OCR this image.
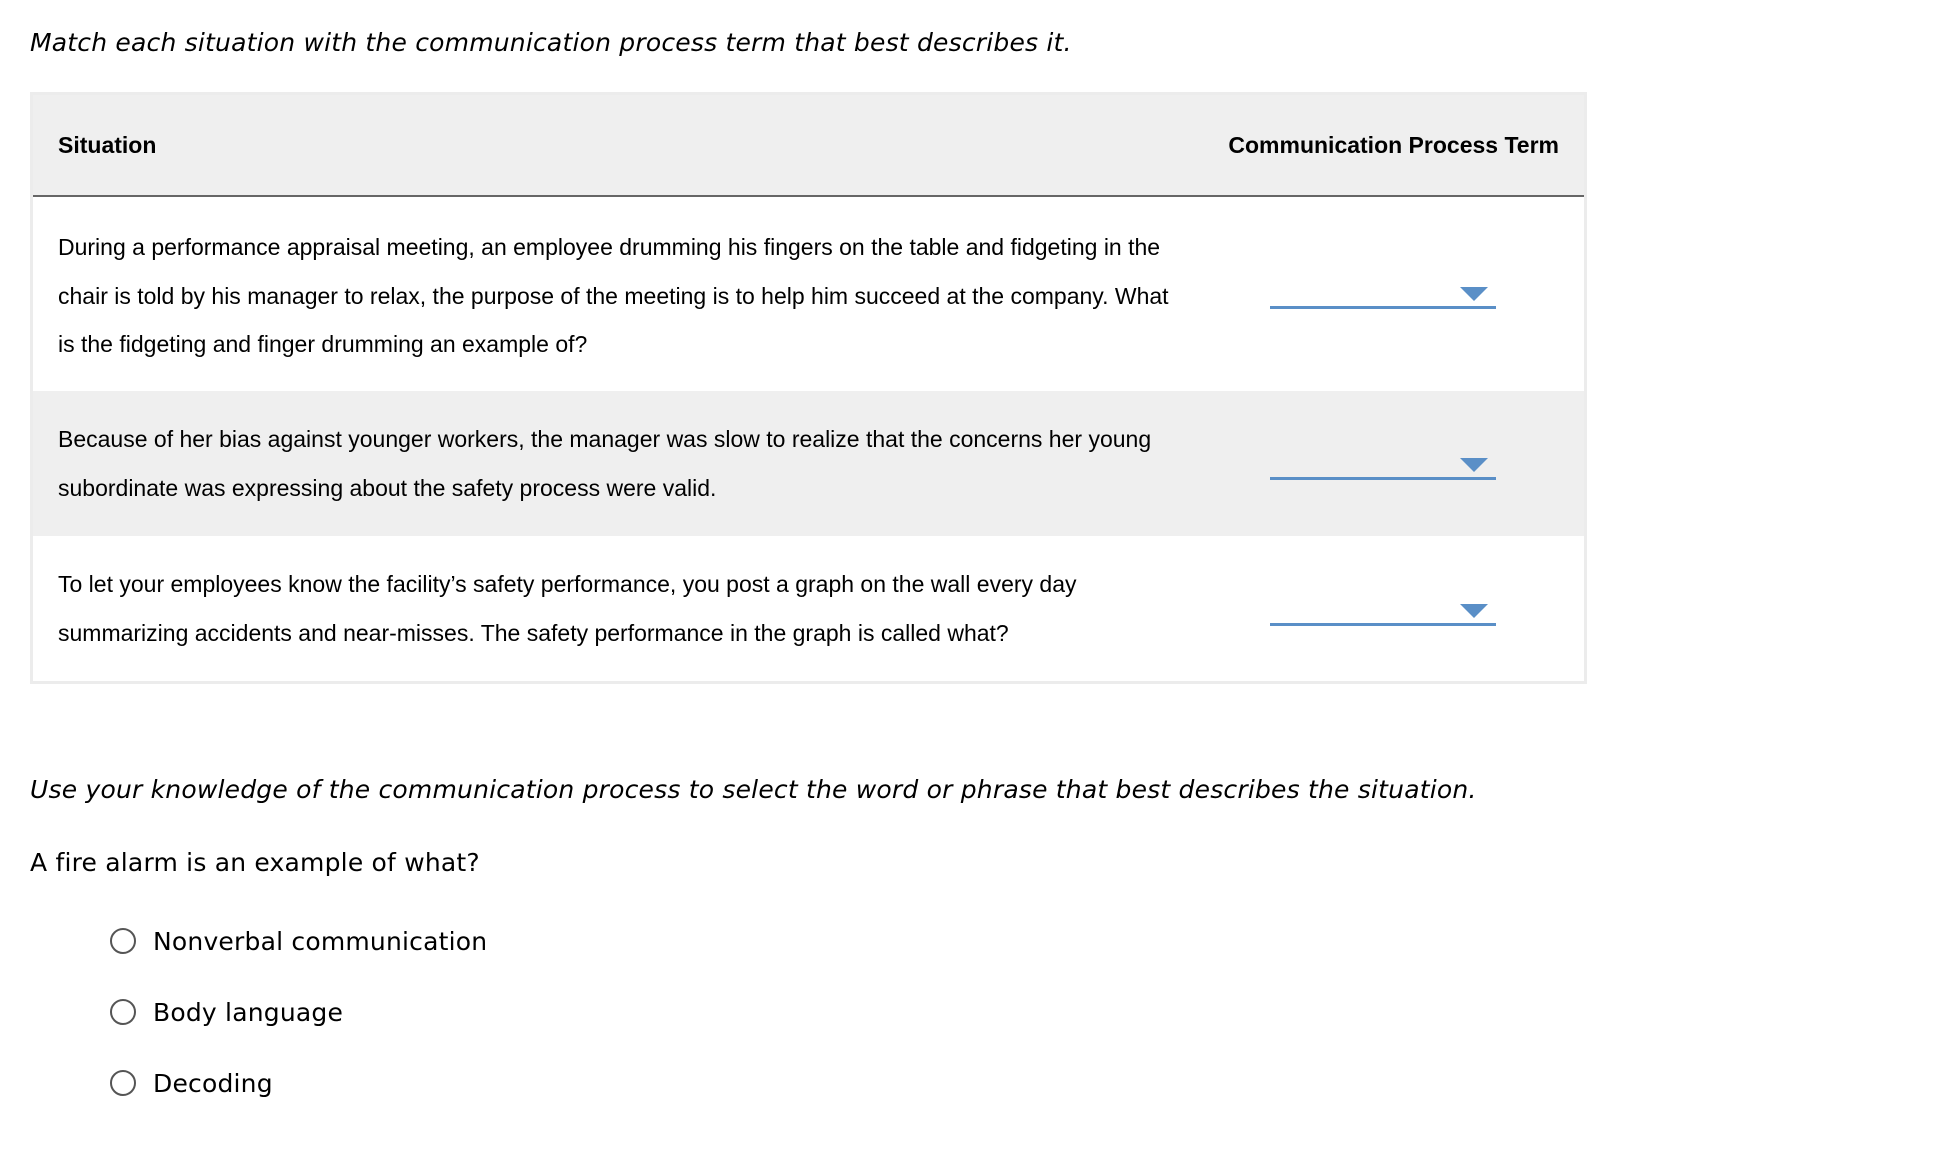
Match each situation with the communication process term that best describes it.
Situation	Communication Process Term
During a performance appraisal meeting, an employee drumming his fingers on the table and fidgeting in the chair is told by his manager to relax, the purpose of the meeting is to help him succeed at the company. What is the fidgeting and finger drumming an example of?
Because of her bias against younger workers, the manager was slow to realize that the concerns her young subordinate was expressing about the safety process were valid.
To let your employees know the facility’s safety performance, you post a graph on the wall every day summarizing accidents and near-misses. The safety performance in the graph is called what?
Use your knowledge of the communication process to select the word or phrase that best describes the situation.
A fire alarm is an example of what?
Nonverbal communication
Body language
Decoding
